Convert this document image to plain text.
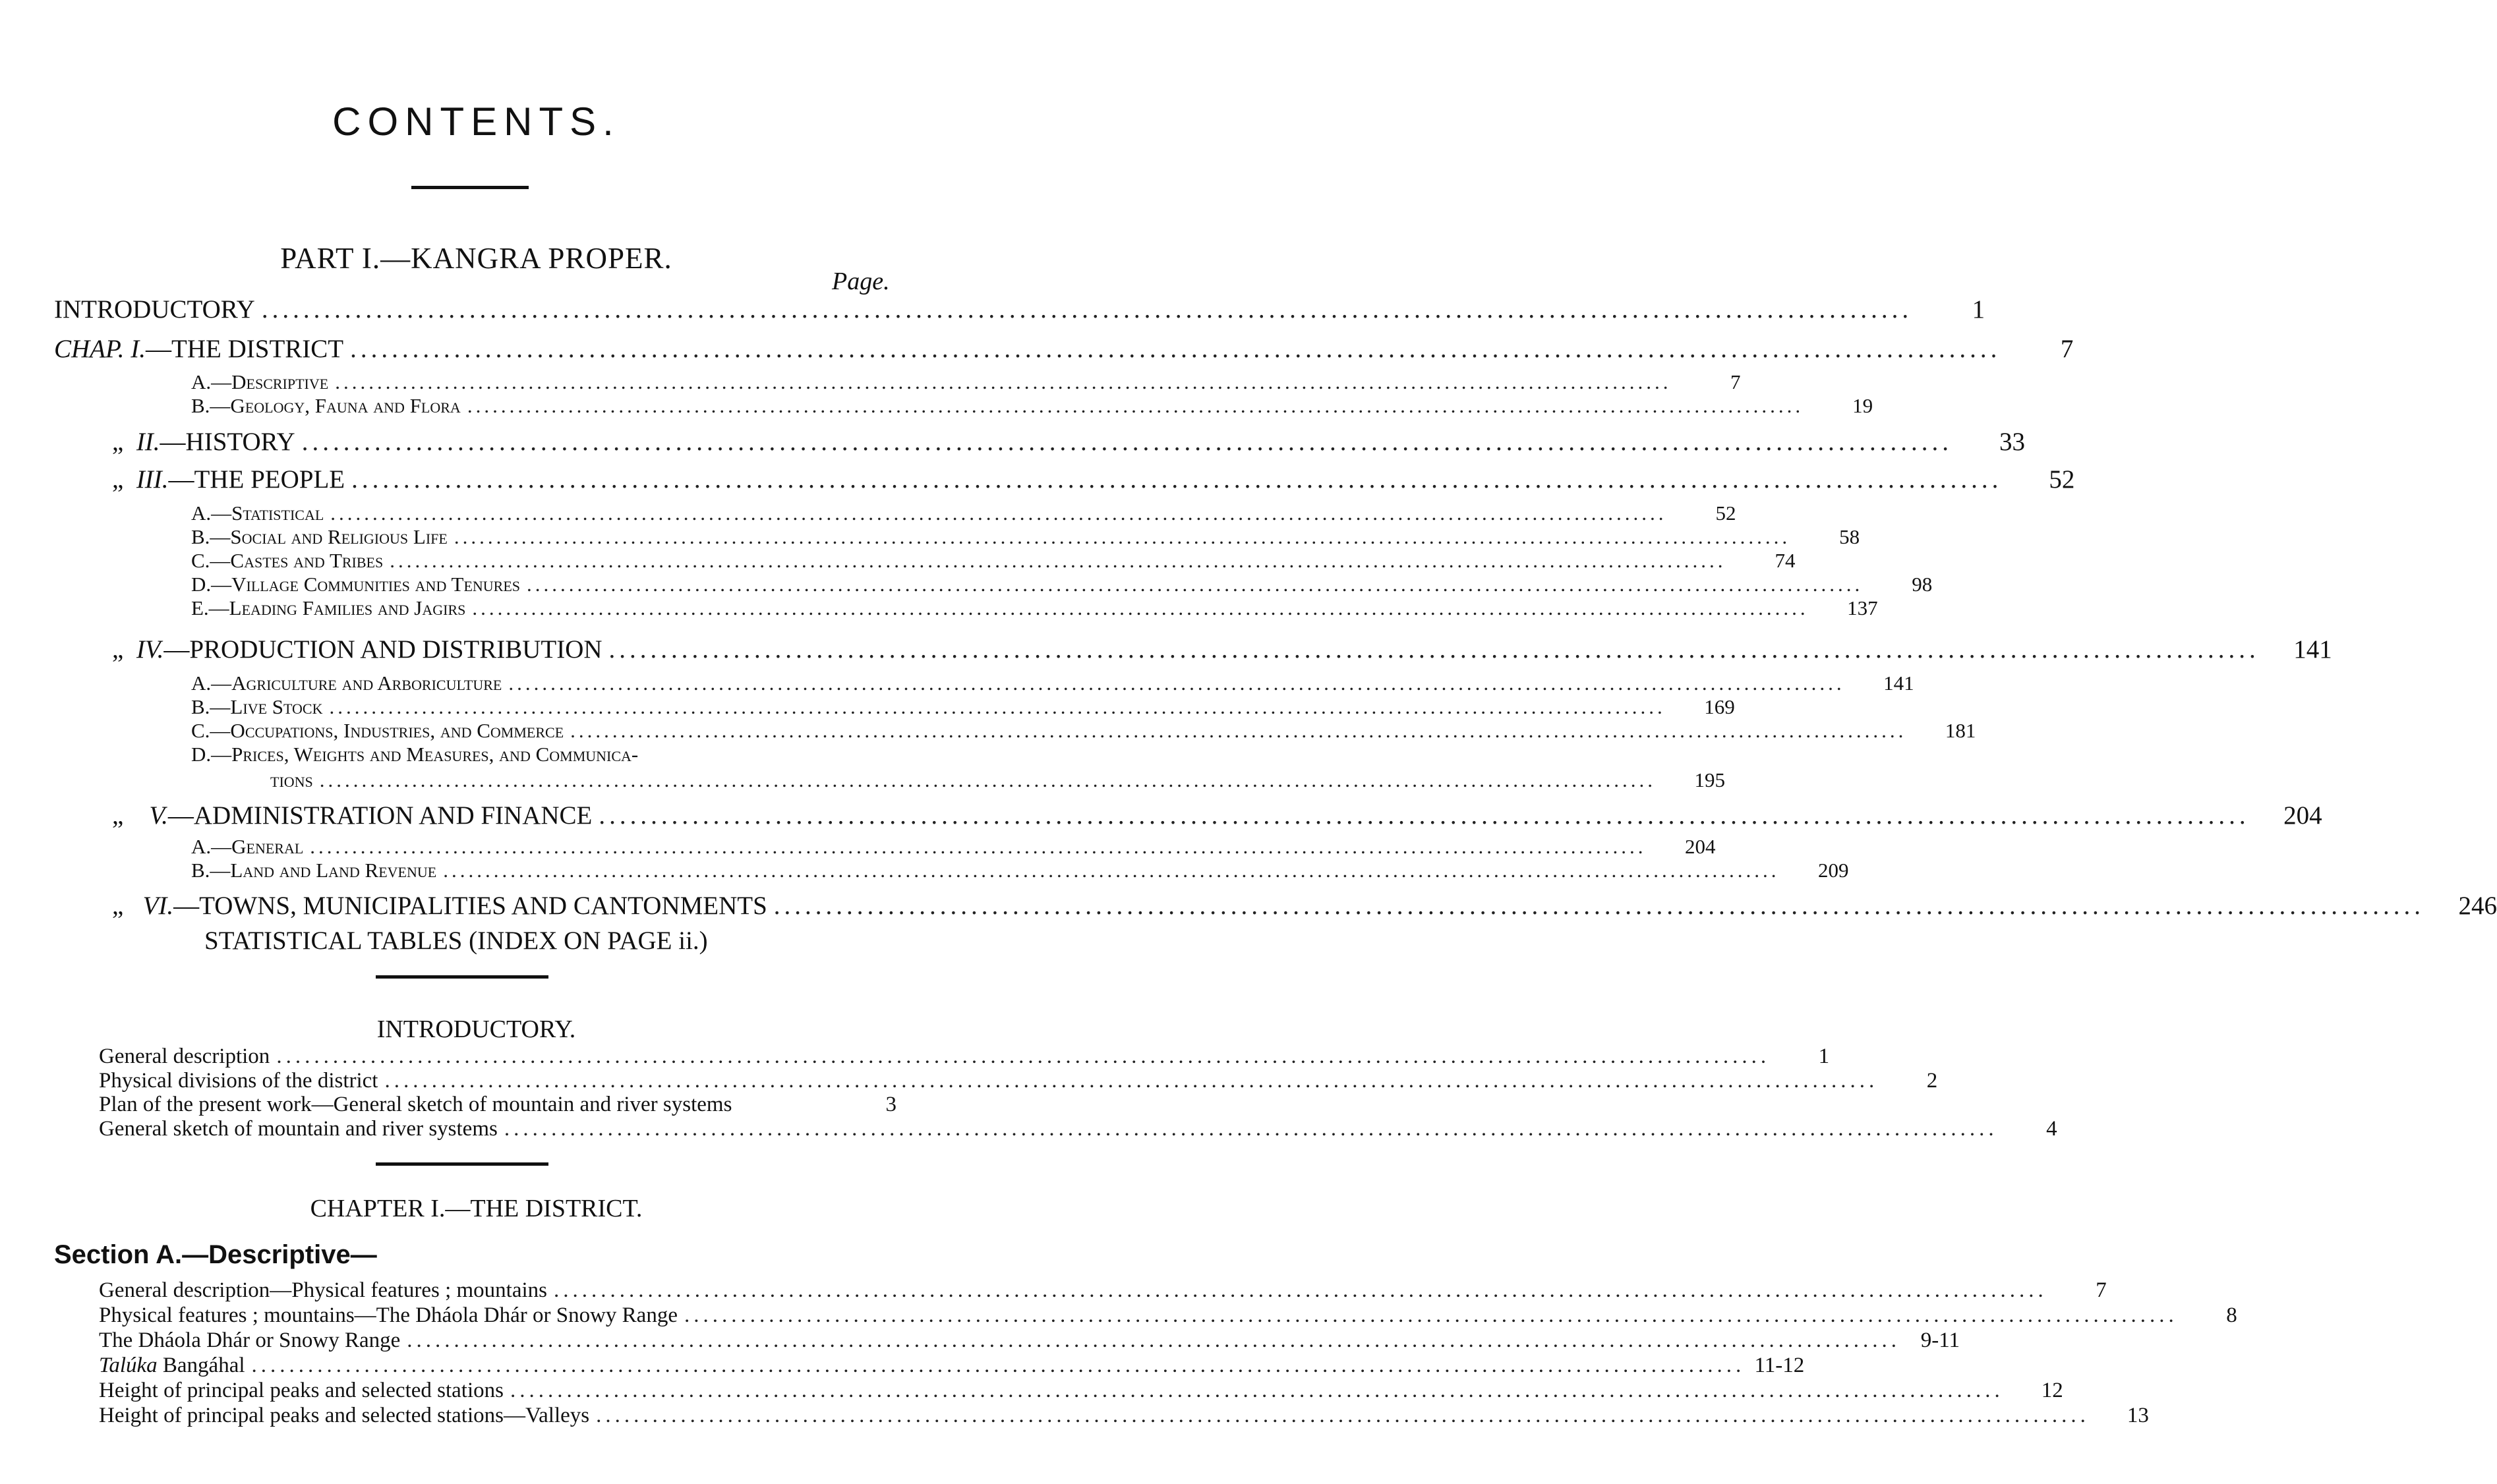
CONTENTS.
PART I.—KANGRA PROPER.
Page.
INTRODUCTORY ...............................................................................................................................................................	1
CHAP. I.—THE DISTRICT ...............................................................................................................................................................	7
A.—Descriptive ...............................................................................................................................................................	7
B.—Geology, Fauna and Flora ...............................................................................................................................................................	19
„ II.—HISTORY ...............................................................................................................................................................	33
„ III.—THE PEOPLE ...............................................................................................................................................................	52
A.—Statistical ...............................................................................................................................................................	52
B.—Social and Religious Life ...............................................................................................................................................................	58
C.—Castes and Tribes ...............................................................................................................................................................	74
D.—Village Communities and Tenures ...............................................................................................................................................................	98
E.—Leading Families and Jagirs ...............................................................................................................................................................	137
„ IV.—PRODUCTION AND DISTRIBUTION ...............................................................................................................................................................	141
A.—Agriculture and Arboriculture ...............................................................................................................................................................	141
B.—Live Stock ...............................................................................................................................................................	169
C.—Occupations, Industries, and Commerce ...............................................................................................................................................................	181
D.—Prices, Weights and Measures, and Communica-
tions ...............................................................................................................................................................	195
„ V.—ADMINISTRATION AND FINANCE ...............................................................................................................................................................	204
A.—General ...............................................................................................................................................................	204
B.—Land and Land Revenue ...............................................................................................................................................................	209
„ VI.—TOWNS, MUNICIPALITIES AND CANTONMENTS ...............................................................................................................................................................	246
STATISTICAL TABLES (INDEX ON PAGE ii.)
INTRODUCTORY.
General description ...............................................................................................................................................................	1
Physical divisions of the district ...............................................................................................................................................................	2
Plan of the present work—General sketch of mountain and river systems	3
General sketch of mountain and river systems ...............................................................................................................................................................	4
CHAPTER I.—THE DISTRICT.
Section A.—Descriptive—
General description—Physical features ; mountains ...............................................................................................................................................................	7
Physical features ; mountains—The Dháola Dhár or Snowy Range ...............................................................................................................................................................	8
The Dháola Dhár or Snowy Range ............................................................................................................................................................... 9-11
Talúka Bangáhal ............................................................................................................................................................... 11-12
Height of principal peaks and selected stations ...............................................................................................................................................................	12
Height of principal peaks and selected stations—Valleys ...............................................................................................................................................................	13
